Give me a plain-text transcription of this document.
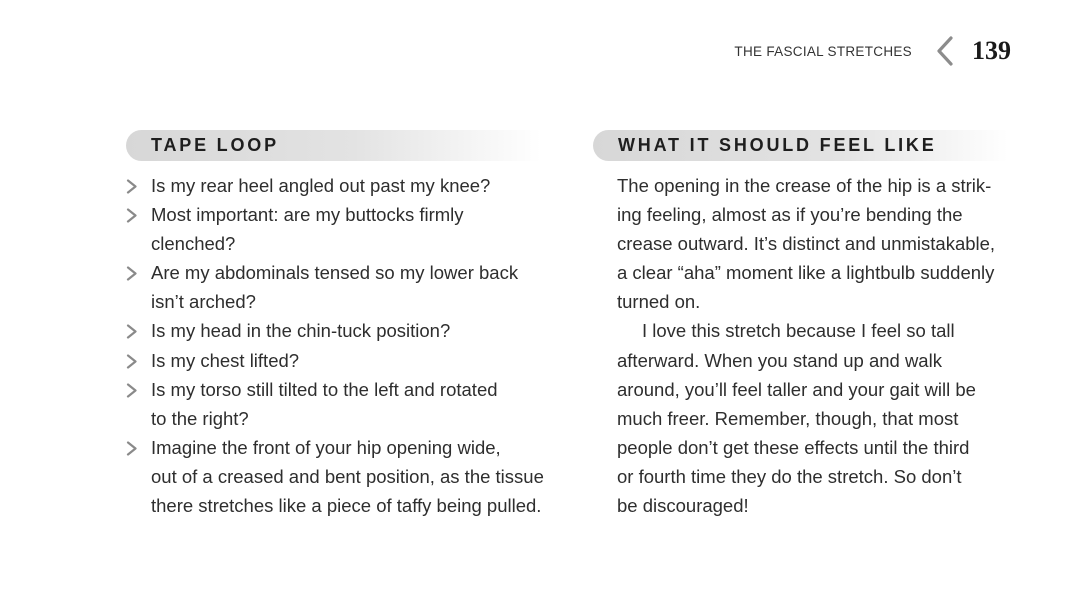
THE FASCIAL STRETCHES 139
TAPE LOOP
Is my rear heel angled out past my knee?
Most important: are my buttocks firmly
clenched?
Are my abdominals tensed so my lower back
isn’t arched?
Is my head in the chin-tuck position?
Is my chest lifted?
Is my torso still tilted to the left and rotated
to the right?
Imagine the front of your hip opening wide,
out of a creased and bent position, as the tissue
there stretches like a piece of taffy being pulled.
WHAT IT SHOULD FEEL LIKE

The opening in the crease of the hip is a strik-
ing feeling, almost as if you’re bending the
crease outward. It’s distinct and unmistakable,
a clear “aha” moment like a lightbulb suddenly
turned on.

I love this stretch because I feel so tall
afterward. When you stand up and walk
around, you’ll feel taller and your gait will be
much freer. Remember, though, that most
people don’t get these effects until the third
or fourth time they do the stretch. So don’t
be discouraged!
